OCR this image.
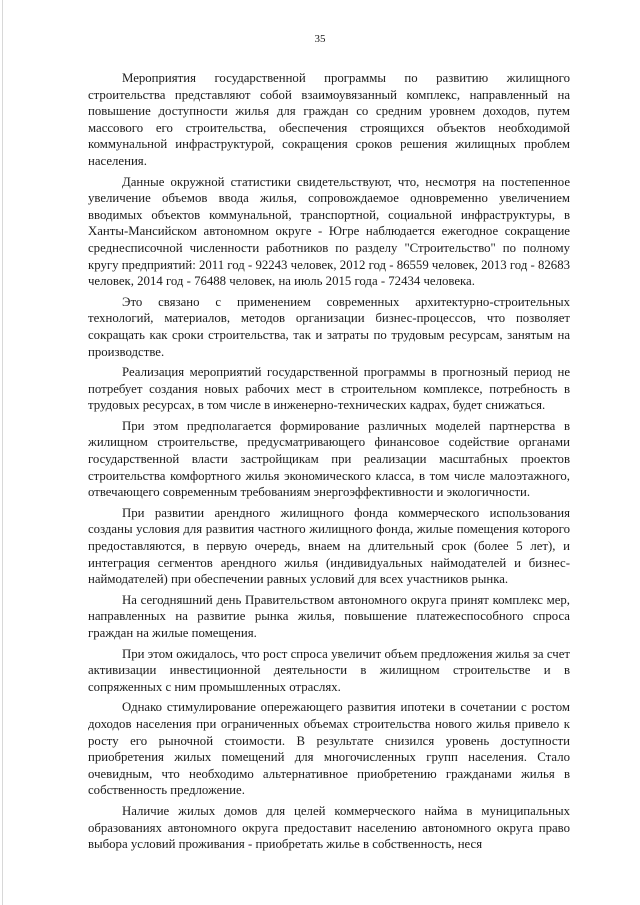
35

Мероприятия государственной программы по развитию жилищного строительства представляют собой взаимоувязанный комплекс, направленный на повышение доступности жилья для граждан со средним уровнем доходов, путем массового его строительства, обеспечения строящихся объектов необходимой коммунальной инфраструктурой, сокращения сроков решения жилищных проблем населения.

Данные окружной статистики свидетельствуют, что, несмотря на постепенное увеличение объемов ввода жилья, сопровождаемое одновременно увеличением вводимых объектов коммунальной, транспортной, социальной инфраструктуры, в Ханты-Мансийском автономном округе - Югре наблюдается ежегодное сокращение среднесписочной численности работников по разделу "Строительство" по полному кругу предприятий: 2011 год - 92243 человек, 2012 год - 86559 человек, 2013 год - 82683 человек, 2014 год - 76488 человек, на июль 2015 года - 72434 человека.

Это связано с применением современных архитектурно-строительных технологий, материалов, методов организации бизнес-процессов, что позволяет сокращать как сроки строительства, так и затраты по трудовым ресурсам, занятым на производстве.

Реализация мероприятий государственной программы в прогнозный период не потребует создания новых рабочих мест в строительном комплексе, потребность в трудовых ресурсах, в том числе в инженерно-технических кадрах, будет снижаться.

При этом предполагается формирование различных моделей партнерства в жилищном строительстве, предусматривающего финансовое содействие органами государственной власти застройщикам при реализации масштабных проектов строительства комфортного жилья экономического класса, в том числе малоэтажного, отвечающего современным требованиям энергоэффективности и экологичности.

При развитии арендного жилищного фонда коммерческого использования созданы условия для развития частного жилищного фонда, жилые помещения которого предоставляются, в первую очередь, внаем на длительный срок (более 5 лет), и интеграция сегментов арендного жилья (индивидуальных наймодателей и бизнес-наймодателей) при обеспечении равных условий для всех участников рынка.

На сегодняшний день Правительством автономного округа принят комплекс мер, направленных на развитие рынка жилья, повышение платежеспособного спроса граждан на жилые помещения.

При этом ожидалось, что рост спроса увеличит объем предложения жилья за счет активизации инвестиционной деятельности в жилищном строительстве и в сопряженных с ним промышленных отраслях.

Однако стимулирование опережающего развития ипотеки в сочетании с ростом доходов населения при ограниченных объемах строительства нового жилья привело к росту его рыночной стоимости. В результате снизился уровень доступности приобретения жилых помещений для многочисленных групп населения. Стало очевидным, что необходимо альтернативное приобретению гражданами жилья в собственность предложение.

Наличие жилых домов для целей коммерческого найма в муниципальных образованиях автономного округа предоставит населению автономного округа право выбора условий проживания - приобретать жилье в собственность, неся
